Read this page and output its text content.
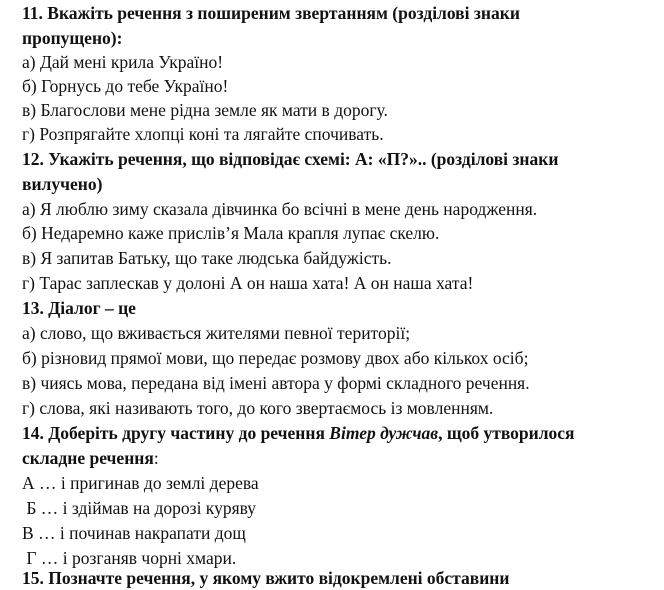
11. Вкажіть речення з поширеним звертанням (розділові знаки
пропущено):
а) Дай мені крила Україно!
б) Горнусь до тебе Україно!
в) Благослови мене рідна земле як мати в дорогу.
г) Розпрягайте хлопці коні та лягайте спочивать.
12. Укажіть речення, що відповідає схемі: А: «П?».. (розділові знаки
вилучено)
а) Я люблю зиму сказала дівчинка бо всічні в мене день народження.
б) Недаремно каже прислів’я Мала крапля лупає скелю.
в) Я запитав Батьку, що таке людська байдужість.
г) Тарас заплескав у долоні А он наша хата! А он наша хата!
13. Діалог – це
а) слово, що вживається жителями певної території;
б) різновид прямої мови, що передає розмову двох або кількох осіб;
в) чиясь мова, передана від імені автора у формі складного речення.
г) слова, які називають того, до кого звертаємось із мовленням.
14. Доберіть другу частину до речення Вітер дужчав, щоб утворилося
складне речення:
А … і пригинав до землі дерева
Б … і здіймав на дорозі куряву
В … і починав накрапати дощ
Г … і розганяв чорні хмари.
15. Позначте речення, у якому вжито відокремлені обставини
